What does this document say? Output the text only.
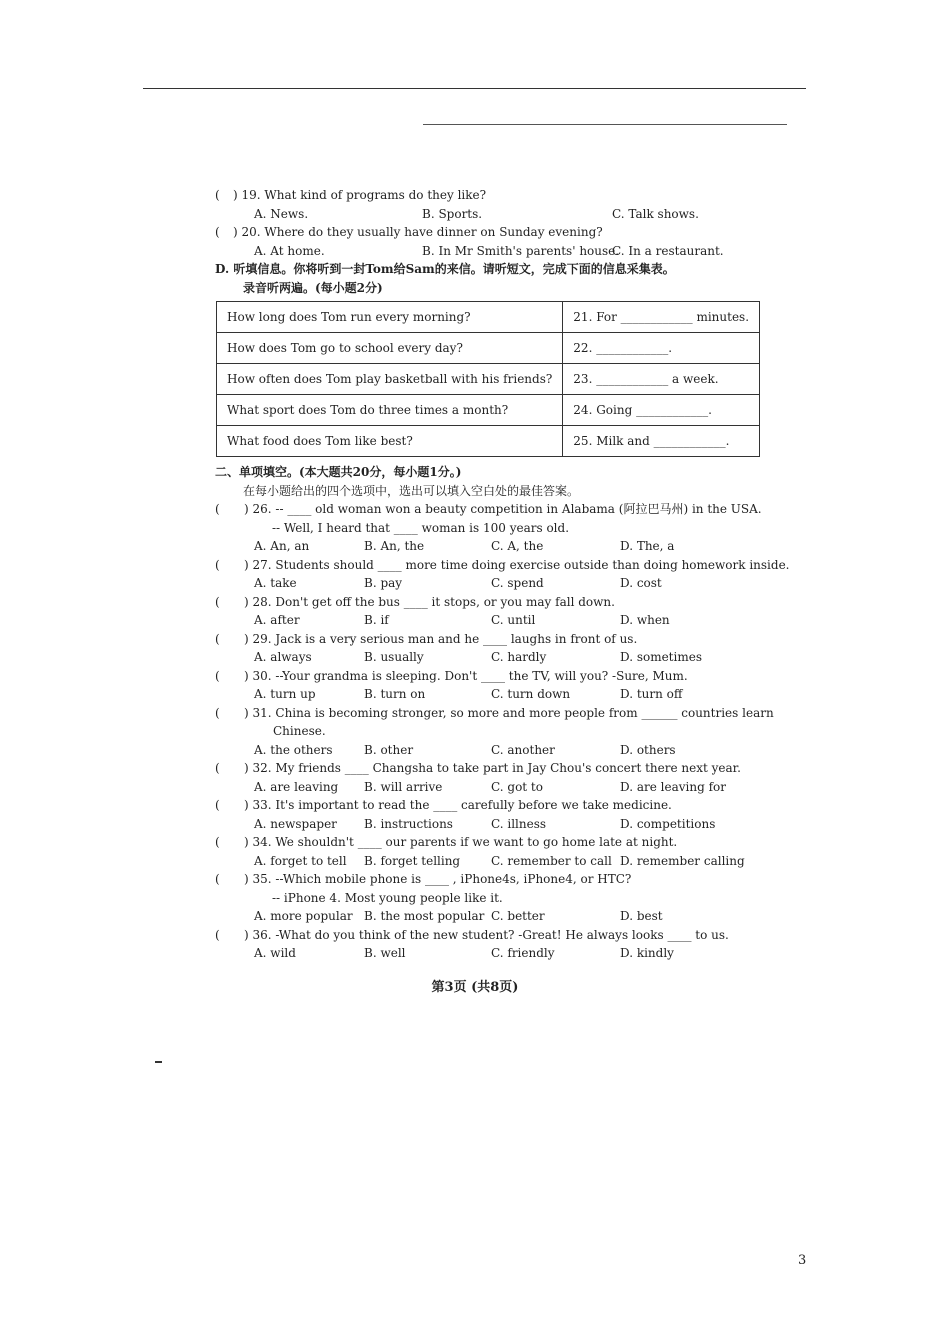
( ) 19. What kind of programs do they like?
A. News.	B. Sports.	C. Talk shows.
( ) 20. Where do they usually have dinner on Sunday evening?
A. At home.	B. In Mr Smith's parents' house.
C. In a restaurant.
D. 听填信息。你将听到一封Tom给Sam的来信。请听短文，完成下面的信息采集表。
录音听两遍。(每小题2分)
How long does Tom run every morning?	21. For ____________ minutes.
How does Tom go to school every day?	22. ____________.
How often does Tom play basketball with his friends?	23. ____________ a week.
What sport does Tom do three times a month?	24. Going ____________.
What food does Tom like best?	25. Milk and ____________.
二、单项填空。(本大题共20分，每小题1分。)
在每小题给出的四个选项中，选出可以填入空白处的最佳答案。
( ) 26. -- ____ old woman won a beauty competition in Alabama (阿拉巴马州) in the USA.
-- Well, I heard that ____ woman is 100 years old.
A. An, an	B. An, the	C. A, the	D. The, a
( ) 27. Students should ____ more time doing exercise outside than doing homework inside.
A. take	B. pay	C. spend	D. cost
( ) 28. Don't get off the bus ____ it stops, or you may fall down.
A. after	B. if	C. until	D. when
( ) 29. Jack is a very serious man and he ____ laughs in front of us.
A. always	B. usually	C. hardly	D. sometimes
( ) 30. --Your grandma is sleeping. Don't ____ the TV, will you? -Sure, Mum.
A. turn up	B. turn on	C. turn down	D. turn off
( ) 31. China is becoming stronger, so more and more people from ______ countries learn
Chinese.
A. the others	B. other	C. another	D. others
( ) 32. My friends ____ Changsha to take part in Jay Chou's concert there next year.
A. are leaving B. will arrive	C. got to	D. are leaving for
( ) 33. It's important to read the ____ carefully before we take medicine.
A. newspaper B. instructions	C. illness	D. competitions
( ) 34. We shouldn't ____ our parents if we want to go home late at night.
A. forget to tell B. forget telling	C. remember to call D. remember calling
( ) 35. --Which mobile phone is ____ , iPhone4s, iPhone4, or HTC?
-- iPhone 4. Most young people like it.
A. more popular B. the most popular C. better	D. best
( ) 36. -What do you think of the new student? -Great! He always looks ____ to us.
A. wild	B. well	C. friendly	D. kindly
第3页 (共8页)
3
